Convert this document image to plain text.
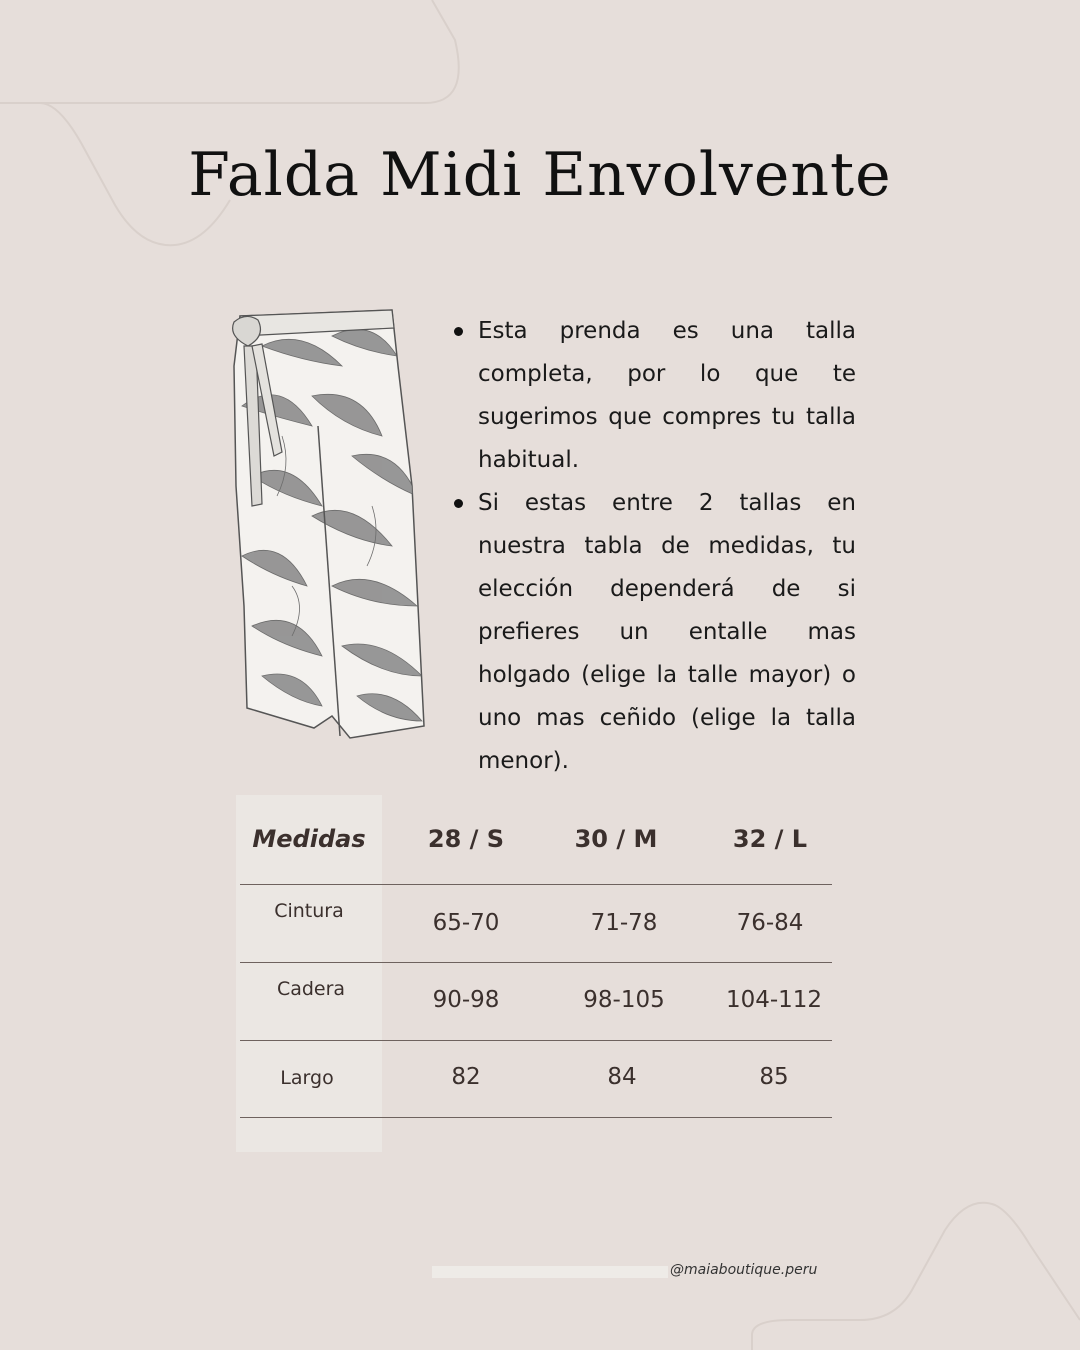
Falda Midi Envolvente
Esta prenda es una talla completa, por lo que te sugerimos que compres tu talla habitual.
Si estas entre 2 tallas en nuestra tabla de medidas, tu elección dependerá de si prefieres un entalle mas holgado (elige la talle mayor) o uno mas ceñido (elige la talla menor).
Medidas	28 / S	30 / M	32 / L
Cintura	65-70	71-78	76-84
Cadera	90-98	98-105	104-112
Largo	82	84	85
@maiaboutique.peru
